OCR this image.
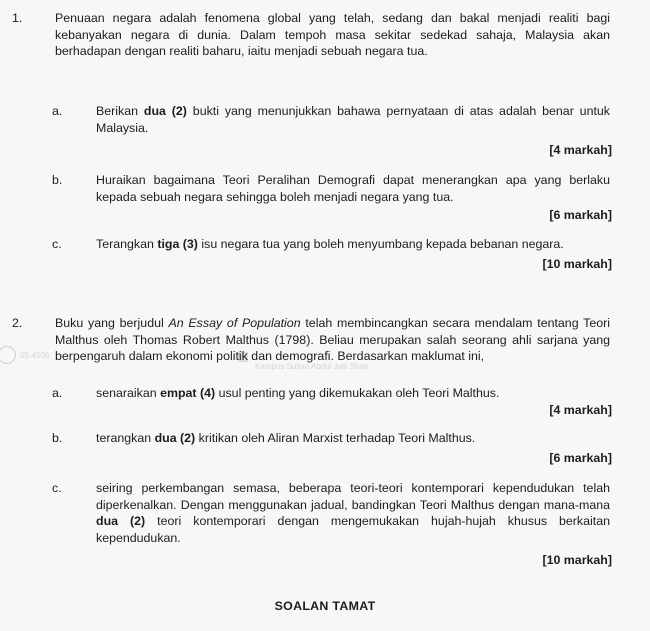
05-4506
Kampus Sultan Abdul Jalil Shah
1.	Penuaan negara adalah fenomena global yang telah, sedang dan bakal menjadi realiti bagi kebanyakan negara di dunia. Dalam tempoh masa sekitar sedekad sahaja, Malaysia akan berhadapan dengan realiti baharu, iaitu menjadi sebuah negara tua.
a.	Berikan dua (2) bukti yang menunjukkan bahawa pernyataan di atas adalah benar untuk Malaysia.
[4 markah]
b.	Huraikan bagaimana Teori Peralihan Demografi dapat menerangkan apa yang berlaku kepada sebuah negara sehingga boleh menjadi negara yang tua.
[6 markah]
c.	Terangkan tiga (3) isu negara tua yang boleh menyumbang kepada bebanan negara.
[10 markah]
2.	Buku yang berjudul An Essay of Population telah membincangkan secara mendalam tentang Teori Malthus oleh Thomas Robert Malthus (1798). Beliau merupakan salah seorang ahli sarjana yang berpengaruh dalam ekonomi politik dan demografi. Berdasarkan maklumat ini,
a.	senaraikan empat (4) usul penting yang dikemukakan oleh Teori Malthus.
[4 markah]
b.	terangkan dua (2) kritikan oleh Aliran Marxist terhadap Teori Malthus.
[6 markah]
c.	seiring perkembangan semasa, beberapa teori-teori kontemporari kependudukan telah diperkenalkan. Dengan menggunakan jadual, bandingkan Teori Malthus dengan mana-mana dua (2) teori kontemporari dengan mengemukakan hujah-hujah khusus berkaitan kependudukan.
[10 markah]
SOALAN TAMAT
